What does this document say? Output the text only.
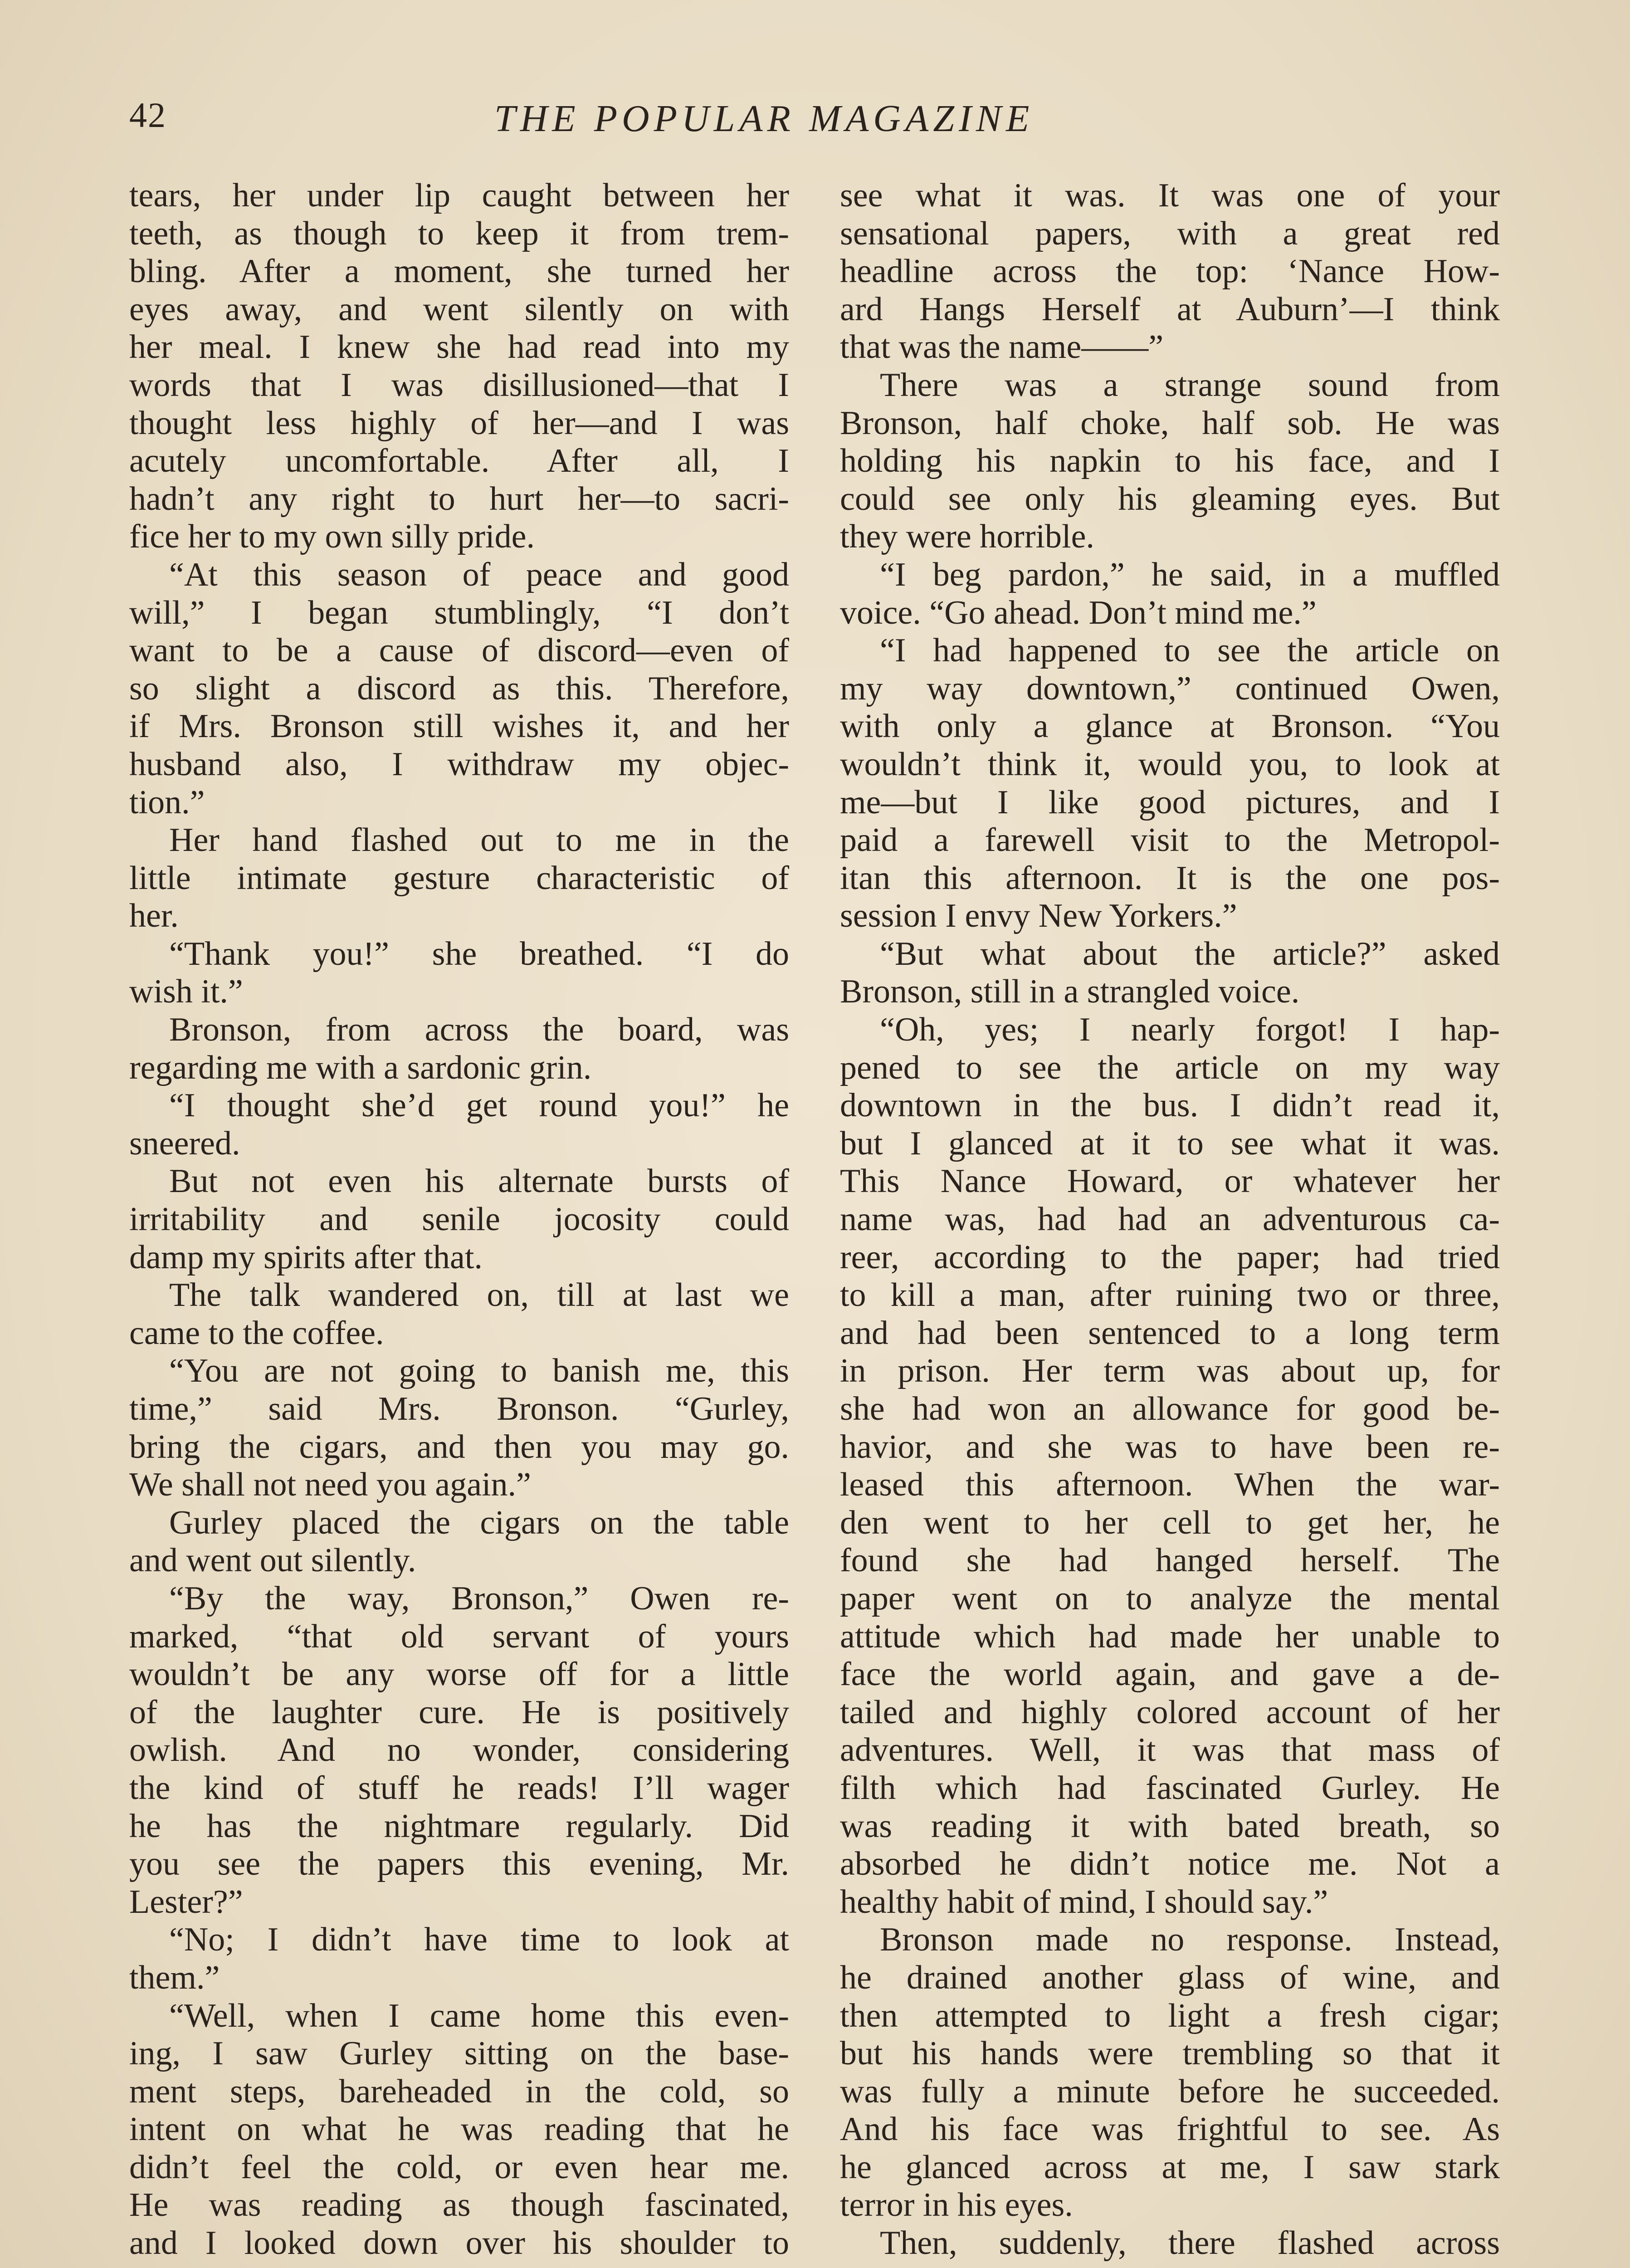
42	THE POPULAR MAGAZINE
tears, her under lip caught between her
teeth, as though to keep it from trem-
bling. After a moment, she turned her
eyes away, and went silently on with
her meal. I knew she had read into my
words that I was disillusioned—that I
thought less highly of her—and I was
acutely uncomfortable. After all, I
hadn’t any right to hurt her—to sacri-
fice her to my own silly pride.
“At this season of peace and good
will,” I began stumblingly, “I don’t
want to be a cause of discord—even of
so slight a discord as this. Therefore,
if Mrs. Bronson still wishes it, and her
husband also, I withdraw my objec-
tion.”
Her hand flashed out to me in the
little intimate gesture characteristic of
her.
“Thank you!” she breathed. “I do
wish it.”
Bronson, from across the board, was
regarding me with a sardonic grin.
“I thought she’d get round you!” he
sneered.
But not even his alternate bursts of
irritability and senile jocosity could
damp my spirits after that.
The talk wandered on, till at last we
came to the coffee.
“You are not going to banish me, this
time,” said Mrs. Bronson. “Gurley,
bring the cigars, and then you may go.
We shall not need you again.”
Gurley placed the cigars on the table
and went out silently.
“By the way, Bronson,” Owen re-
marked, “that old servant of yours
wouldn’t be any worse off for a little
of the laughter cure. He is positively
owlish. And no wonder, considering
the kind of stuff he reads! I’ll wager
he has the nightmare regularly. Did
you see the papers this evening, Mr.
Lester?”
“No; I didn’t have time to look at
them.”
“Well, when I came home this even-
ing, I saw Gurley sitting on the base-
ment steps, bareheaded in the cold, so
intent on what he was reading that he
didn’t feel the cold, or even hear me.
He was reading as though fascinated,
and I looked down over his shoulder to
see what it was. It was one of your
sensational papers, with a great red
headline across the top: ‘Nance How-
ard Hangs Herself at Auburn’—I think
that was the name——”
There was a strange sound from
Bronson, half choke, half sob. He was
holding his napkin to his face, and I
could see only his gleaming eyes. But
they were horrible.
“I beg pardon,” he said, in a muffled
voice. “Go ahead. Don’t mind me.”
“I had happened to see the article on
my way downtown,” continued Owen,
with only a glance at Bronson. “You
wouldn’t think it, would you, to look at
me—but I like good pictures, and I
paid a farewell visit to the Metropol-
itan this afternoon. It is the one pos-
session I envy New Yorkers.”
“But what about the article?” asked
Bronson, still in a strangled voice.
“Oh, yes; I nearly forgot! I hap-
pened to see the article on my way
downtown in the bus. I didn’t read it,
but I glanced at it to see what it was.
This Nance Howard, or whatever her
name was, had had an adventurous ca-
reer, according to the paper; had tried
to kill a man, after ruining two or three,
and had been sentenced to a long term
in prison. Her term was about up, for
she had won an allowance for good be-
havior, and she was to have been re-
leased this afternoon. When the war-
den went to her cell to get her, he
found she had hanged herself. The
paper went on to analyze the mental
attitude which had made her unable to
face the world again, and gave a de-
tailed and highly colored account of her
adventures. Well, it was that mass of
filth which had fascinated Gurley. He
was reading it with bated breath, so
absorbed he didn’t notice me. Not a
healthy habit of mind, I should say.”
Bronson made no response. Instead,
he drained another glass of wine, and
then attempted to light a fresh cigar;
but his hands were trembling so that it
was fully a minute before he succeeded.
And his face was frightful to see. As
he glanced across at me, I saw stark
terror in his eyes.
Then, suddenly, there flashed across
